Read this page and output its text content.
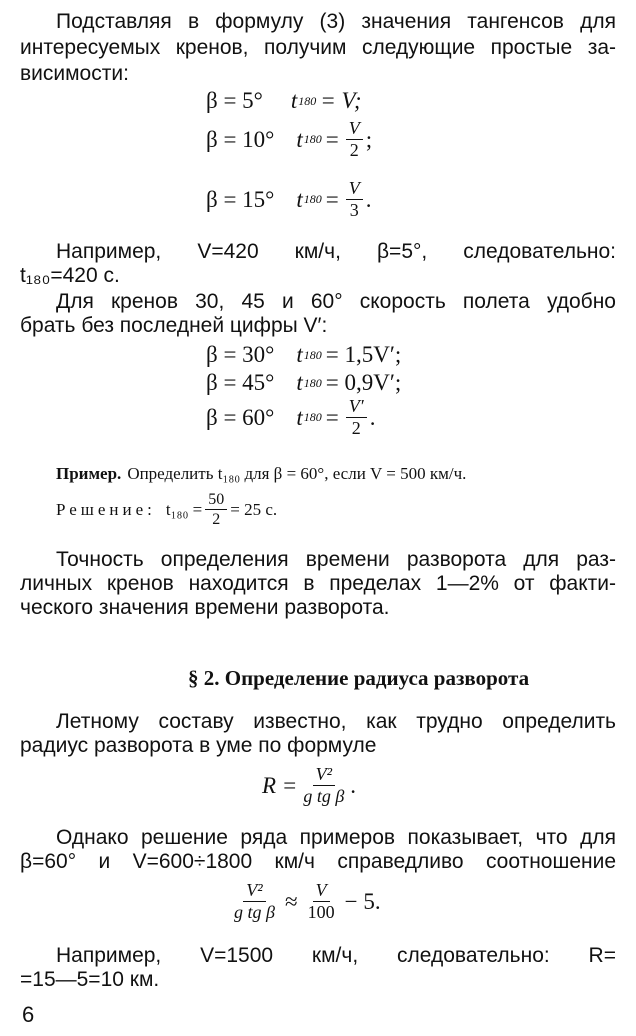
Подставляя в формулу (3) значения тангенсов для
интересуемых кренов, получим следующие простые за-
висимости:
β = 5° t 180 = V;
β = 10° t $180 = \frac{V}{2}$ ;
β = 15° t $180 = \frac{V}{3}$ .
Например, V=420 км/ч, β=5°, следовательно:
t₁₈₀=420 с.
Для кренов 30, 45 и 60° скорость полета удобно
брать без последней цифры V′:
β = 30° t 180 = 1,5V′;
β = 45° t 180 = 0,9V′;
β = 60° t $180 = \frac{V'}{2}$ .
Пример. Определить t₁₈₀ для β = 60°, если V = 500 км/ч.
Решение: $t_{180} = \frac{50}{2} = 25$ с.
Точность определения времени разворота для раз-
личных кренов находится в пределах 1—2% от факти-
ческого значения времени разворота.
§ 2. Определение радиуса разворота
Летному составу известно, как трудно определить
радиус разворота в уме по формуле
$R = \frac{\text{V²}}{\text{g tg β}}$ .
Однако решение ряда примеров показывает, что для
β=60° и V=600÷1800 км/ч справедливо соотношение
$\frac{\text{V²}}{\text{g tg β}} \approx \frac{V}{100} - 5$.
Например, V=1500 км/ч, следовательно: R=
=15—5=10 км.
6
